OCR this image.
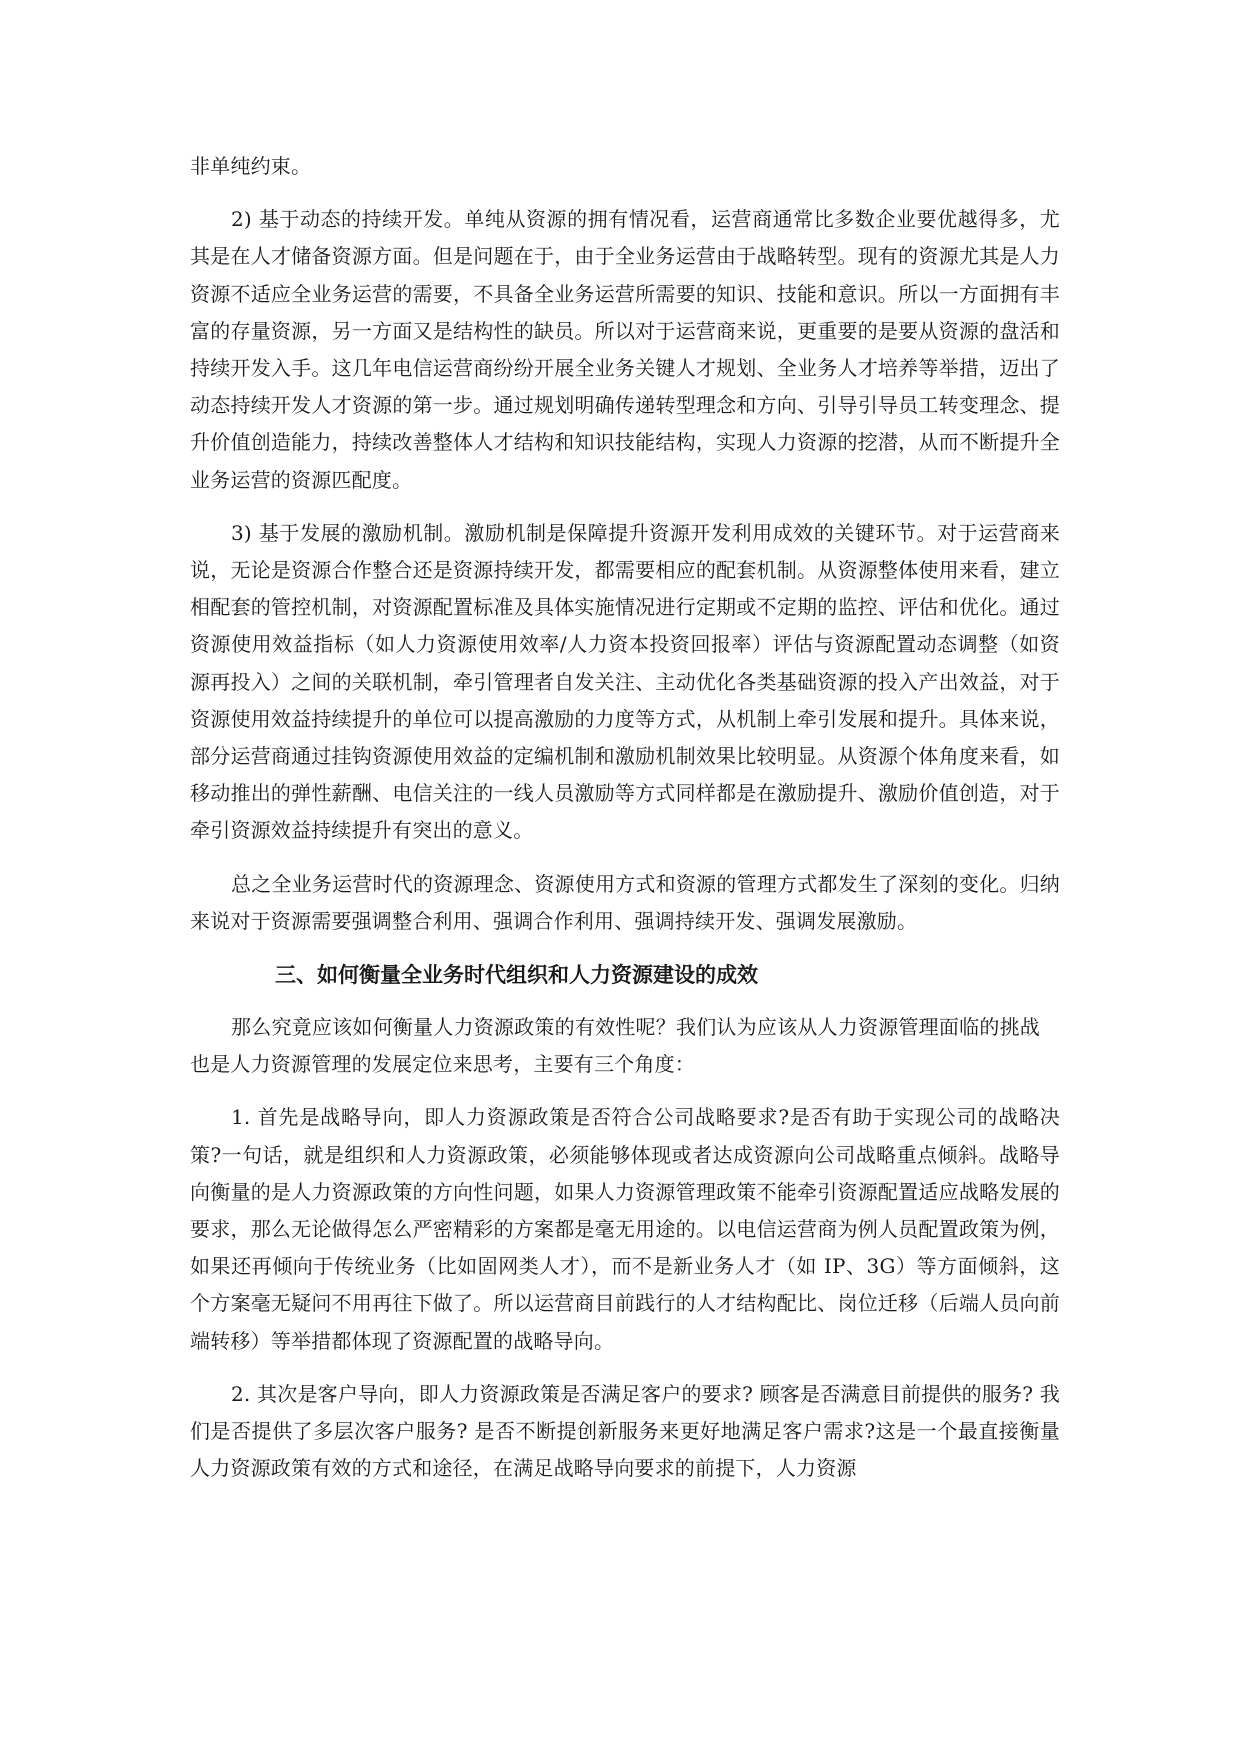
非单纯约束。

2) 基于动态的持续开发。单纯从资源的拥有情况看，运营商通常比多数企业要优越得多，尤其是在人才储备资源方面。但是问题在于，由于全业务运营由于战略转型。现有的资源尤其是人力资源不适应全业务运营的需要，不具备全业务运营所需要的知识、技能和意识。所以一方面拥有丰富的存量资源，另一方面又是结构性的缺员。所以对于运营商来说，更重要的是要从资源的盘活和持续开发入手。这几年电信运营商纷纷开展全业务关键人才规划、全业务人才培养等举措，迈出了动态持续开发人才资源的第一步。通过规划明确传递转型理念和方向、引导引导员工转变理念、提升价值创造能力，持续改善整体人才结构和知识技能结构，实现人力资源的挖潜，从而不断提升全业务运营的资源匹配度。

3) 基于发展的激励机制。激励机制是保障提升资源开发利用成效的关键环节。对于运营商来说，无论是资源合作整合还是资源持续开发，都需要相应的配套机制。从资源整体使用来看，建立相配套的管控机制，对资源配置标准及具体实施情况进行定期或不定期的监控、评估和优化。通过资源使用效益指标（如人力资源使用效率/人力资本投资回报率）评估与资源配置动态调整（如资源再投入）之间的关联机制，牵引管理者自发关注、主动优化各类基础资源的投入产出效益，对于资源使用效益持续提升的单位可以提高激励的力度等方式，从机制上牵引发展和提升。具体来说，部分运营商通过挂钩资源使用效益的定编机制和激励机制效果比较明显。从资源个体角度来看，如移动推出的弹性薪酬、电信关注的一线人员激励等方式同样都是在激励提升、激励价值创造，对于牵引资源效益持续提升有突出的意义。

总之全业务运营时代的资源理念、资源使用方式和资源的管理方式都发生了深刻的变化。归纳来说对于资源需要强调整合利用、强调合作利用、强调持续开发、强调发展激励。

三、如何衡量全业务时代组织和人力资源建设的成效

那么究竟应该如何衡量人力资源政策的有效性呢？我们认为应该从人力资源管理面临的挑战也是人力资源管理的发展定位来思考，主要有三个角度：

1. 首先是战略导向，即人力资源政策是否符合公司战略要求?是否有助于实现公司的战略决策?一句话，就是组织和人力资源政策，必须能够体现或者达成资源向公司战略重点倾斜。战略导向衡量的是人力资源政策的方向性问题，如果人力资源管理政策不能牵引资源配置适应战略发展的要求，那么无论做得怎么严密精彩的方案都是毫无用途的。以电信运营商为例人员配置政策为例，如果还再倾向于传统业务（比如固网类人才），而不是新业务人才（如 IP、3G）等方面倾斜，这个方案毫无疑问不用再往下做了。所以运营商目前践行的人才结构配比、岗位迁移（后端人员向前端转移）等举措都体现了资源配置的战略导向。

2. 其次是客户导向，即人力资源政策是否满足客户的要求? 顾客是否满意目前提供的服务? 我们是否提供了多层次客户服务? 是否不断提创新服务来更好地满足客户需求?这是一个最直接衡量人力资源政策有效的方式和途径，在满足战略导向要求的前提下，人力资源
